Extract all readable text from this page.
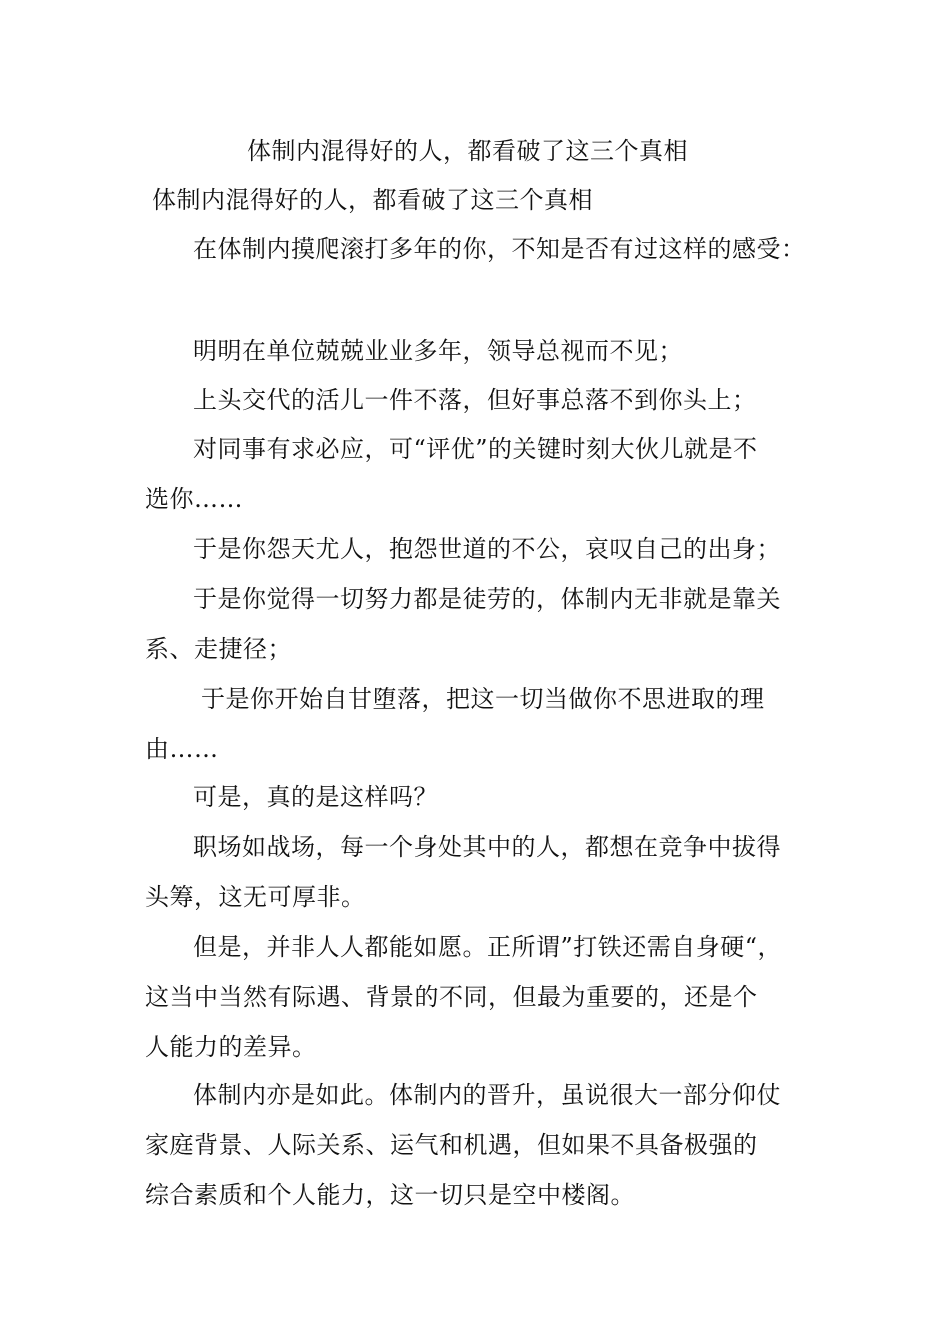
体制内混得好的人，都看破了这三个真相
体制内混得好的人，都看破了这三个真相
在体制内摸爬滚打多年的你，不知是否有过这样的感受：
明明在单位兢兢业业多年，领导总视而不见；
上头交代的活儿一件不落，但好事总落不到你头上；
对同事有求必应，可“评优”的关键时刻大伙儿就是不
选你……
于是你怨天尤人，抱怨世道的不公，哀叹自己的出身；
于是你觉得一切努力都是徒劳的，体制内无非就是靠关
系、走捷径；
于是你开始自甘堕落，把这一切当做你不思进取的理
由……
可是，真的是这样吗？
职场如战场，每一个身处其中的人，都想在竞争中拔得
头筹，这无可厚非。
但是，并非人人都能如愿。正所谓”打铁还需自身硬“，
这当中当然有际遇、背景的不同，但最为重要的，还是个
人能力的差异。
体制内亦是如此。体制内的晋升，虽说很大一部分仰仗
家庭背景、人际关系、运气和机遇，但如果不具备极强的
综合素质和个人能力，这一切只是空中楼阁。
